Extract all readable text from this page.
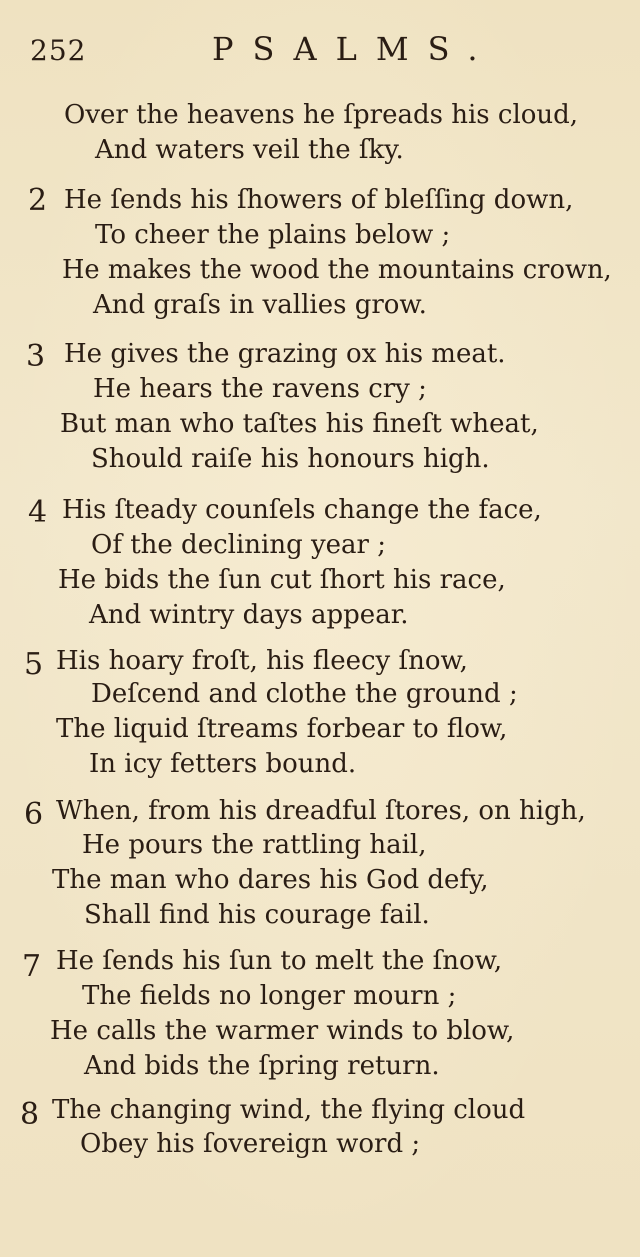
252	PSALMS.
Over the heavens he ſpreads his cloud,
And waters veil the ſky.
2 He ſends his ſhowers of bleſſing down,
To cheer the plains below ;
He makes the wood the mountains crown,
And graſs in vallies grow.
3 He gives the grazing ox his meat.
He hears the ravens cry ;
But man who taſtes his fineſt wheat,
Should raiſe his honours high.
4 His ſteady counſels change the face,
Of the declining year ;
He bids the ſun cut ſhort his race,
And wintry days appear.
5 His hoary froſt, his fleecy ſnow,
Deſcend and clothe the ground ;
The liquid ſtreams forbear to flow,
In icy fetters bound.
6 When, from his dreadful ſtores, on high,
He pours the rattling hail,
The man who dares his God defy,
Shall find his courage fail.
7 He ſends his ſun to melt the ſnow,
The fields no longer mourn ;
He calls the warmer winds to blow,
And bids the ſpring return.
8 The changing wind, the flying cloud
Obey his ſovereign word ;
